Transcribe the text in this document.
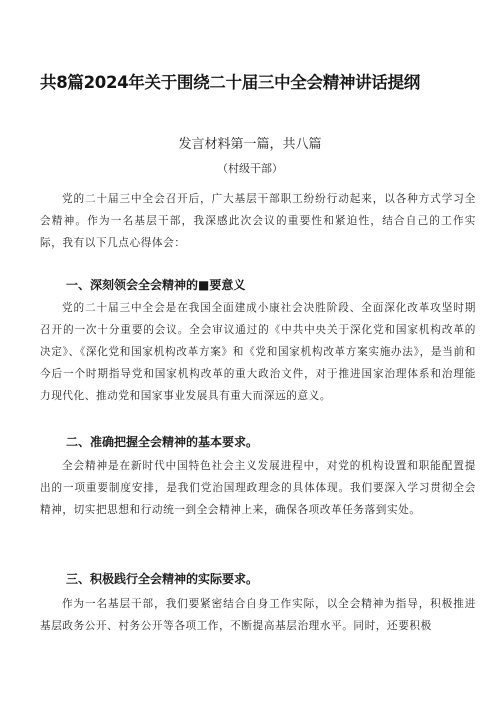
共8篇2024年关于围绕二十届三中全会精神讲话提纲
发言材料第一篇，共八篇
（村级干部）

党的二十届三中全会召开后，广大基层干部职工纷纷行动起来，以各种方式学习全会精神。作为一名基层干部，我深感此次会议的重要性和紧迫性，结合自己的工作实际，我有以下几点心得体会：

一、深刻领会全会精神的■要意义

党的二十届三中全会是在我国全面建成小康社会决胜阶段、全面深化改革攻坚时期召开的一次十分重要的会议。全会审议通过的《中共中央关于深化党和国家机构改革的决定》、《深化党和国家机构改革方案》和《党和国家机构改革方案实施办法》，是当前和今后一个时期指导党和国家机构改革的重大政治文件，对于推进国家治理体系和治理能力现代化、推动党和国家事业发展具有重大而深远的意义。

二、准确把握全会精神的基本要求。

全会精神是在新时代中国特色社会主义发展进程中，对党的机构设置和职能配置提出的一项重要制度安排，是我们党治国理政理念的具体体现。我们要深入学习贯彻全会精神，切实把思想和行动统一到全会精神上来，确保各项改革任务落到实处。

三、积极践行全会精神的实际要求。

作为一名基层干部，我们要紧密结合自身工作实际，以全会精神为指导，积极推进基层政务公开、村务公开等各项工作，不断提高基层治理水平。同时，还要积极
